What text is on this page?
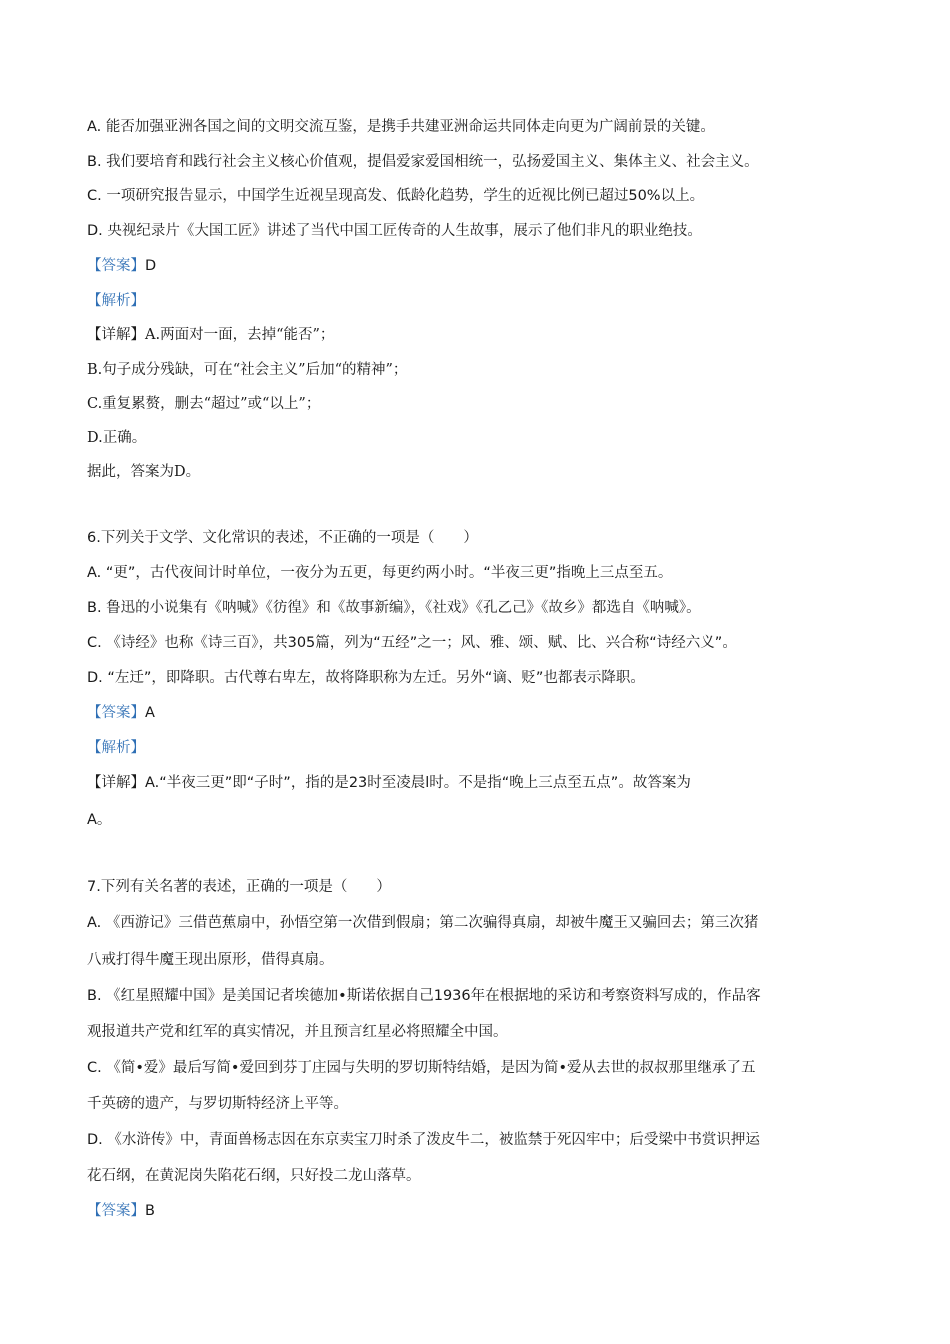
A. 能否加强亚洲各国之间的文明交流互鉴，是携手共建亚洲命运共同体走向更为广阔前景的关键。
B. 我们要培育和践行社会主义核心价值观，提倡爱家爱国相统一，弘扬爱国主义、集体主义、社会主义。
C. 一项研究报告显示，中国学生近视呈现高发、低龄化趋势，学生的近视比例已超过50%以上。
D. 央视纪录片《大国工匠》讲述了当代中国工匠传奇的人生故事，展示了他们非凡的职业绝技。
【答案】D
【解析】
【详解】A.两面对一面，去掉“能否”；
B.句子成分残缺，可在“社会主义”后加“的精神”；
C.重复累赘，删去“超过”或“以上”；
D.正确。
据此，答案为D。
6.下列关于文学、文化常识的表述，不正确的一项是（　　）
A. “更”，古代夜间计时单位，一夜分为五更，每更约两小时。“半夜三更”指晚上三点至五。
B. 鲁迅的小说集有《呐喊》《彷徨》和《故事新编》，《社戏》《孔乙己》《故乡》都选自《呐喊》。
C. 《诗经》也称《诗三百》，共305篇，列为“五经”之一；风、雅、颂、赋、比、兴合称“诗经六义”。
D. “左迁”，即降职。古代尊右卑左，故将降职称为左迁。另外“谪、贬”也都表示降职。
【答案】A
【解析】
【详解】A.“半夜三更”即“子时”，指的是23时至凌晨l时。不是指“晚上三点至五点”。故答案为
A。
7.下列有关名著的表述，正确的一项是（　　）
A. 《西游记》三借芭蕉扇中，孙悟空第一次借到假扇；第二次骗得真扇，却被牛魔王又骗回去；第三次猪
八戒打得牛魔王现出原形，借得真扇。
B. 《红星照耀中国》是美国记者埃德加•斯诺依据自己1936年在根据地的采访和考察资料写成的，作品客
观报道共产党和红军的真实情况，并且预言红星必将照耀全中国。
C. 《简•爱》最后写简•爱回到芬丁庄园与失明的罗切斯特结婚，是因为简•爱从去世的叔叔那里继承了五
千英磅的遗产，与罗切斯特经济上平等。
D. 《水浒传》中，青面兽杨志因在东京卖宝刀时杀了泼皮牛二，被监禁于死囚牢中；后受梁中书赏识押运
花石纲，在黄泥岗失陷花石纲，只好投二龙山落草。
【答案】B
